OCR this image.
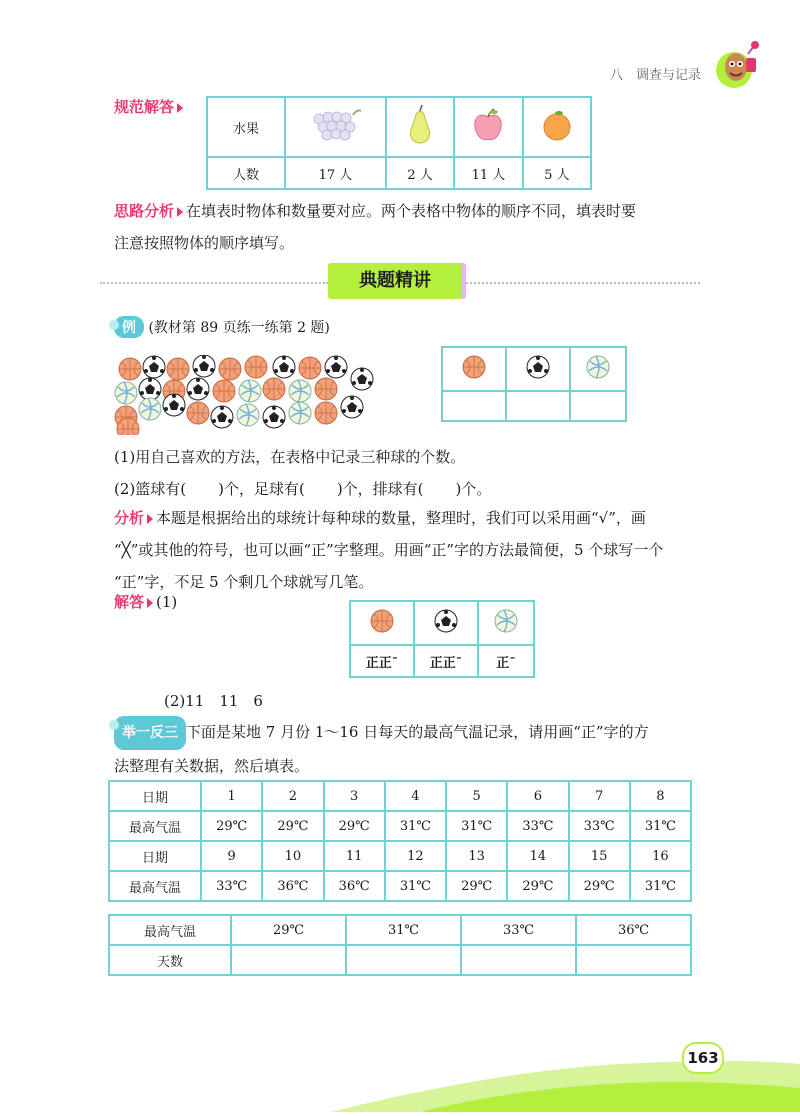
八　调查与记录
规范解答
水果				
人数	17 人	2 人	11 人	5 人
思路分析 在填表时物体和数量要对应。两个表格中物体的顺序不同，填表时要
注意按照物体的顺序填写。
典题精讲
例 (教材第 89 页练一练第 2 题)

(1)用自己喜欢的方法，在表格中记录三种球的个数。
(2)篮球有( )个，足球有( )个，排球有( )个。
分析 本题是根据给出的球统计每种球的数量，整理时，我们可以采用画“√”，画
“╳”或其他的符号，也可以画“正”字整理。用画“正”字的方法最简便，5 个球写一个
“正”字，不足 5 个剩几个球就写几笔。
解答 (1)

正正¯	正正¯	正¯
(2)11　11　6
举一反三 下面是某地 7 月份 1～16 日每天的最高气温记录，请用画“正”字的方
法整理有关数据，然后填表。
日期	1	2	3	4	5	6	7	8
最高气温	29℃	29℃	29℃	31℃	31℃	33℃	33℃	31℃
日期	9	10	11	12	13	14	15	16
最高气温	33℃	36℃	36℃	31℃	29℃	29℃	29℃	31℃
最高气温	29℃	31℃	33℃	36℃
天数				
163
